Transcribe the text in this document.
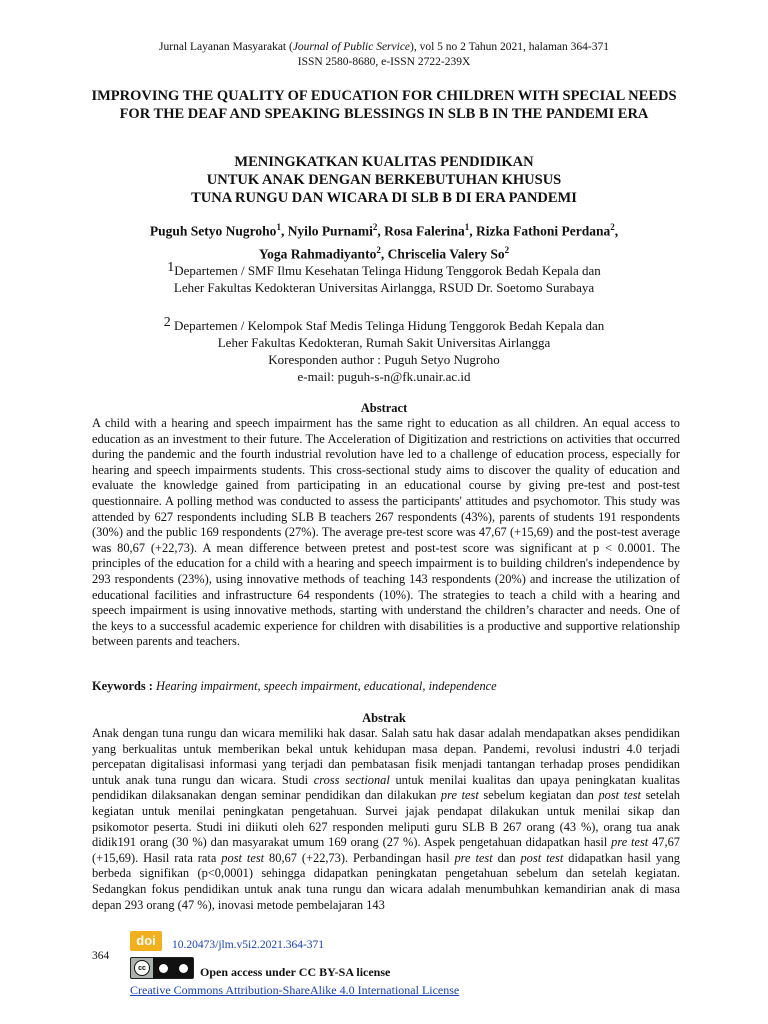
Jurnal Layanan Masyarakat (Journal of Public Service), vol 5 no 2 Tahun 2021, halaman 364-371
ISSN 2580-8680, e-ISSN 2722-239X
IMPROVING THE QUALITY OF EDUCATION FOR CHILDREN WITH SPECIAL NEEDS FOR THE DEAF AND SPEAKING BLESSINGS IN SLB B IN THE PANDEMI ERA
MENINGKATKAN KUALITAS PENDIDIKAN
UNTUK ANAK DENGAN BERKEBUTUHAN KHUSUS
TUNA RUNGU DAN WICARA DI SLB B DI ERA PANDEMI
Puguh Setyo Nugroho$^1$, Nyilo Purnami$^2$, Rosa Falerina$^1$, Rizka Fathoni Perdana$^2$,
Yoga Rahmadiyanto$^2$, Chriscelia Valery So$^2$
1Departemen / SMF Ilmu Kesehatan Telinga Hidung Tenggorok Bedah Kepala dan
Leher Fakultas Kedokteran Universitas Airlangga, RSUD Dr. Soetomo Surabaya
2 Departemen / Kelompok Staf Medis Telinga Hidung Tenggorok Bedah Kepala dan
Leher Fakultas Kedokteran, Rumah Sakit Universitas Airlangga
Koresponden author : Puguh Setyo Nugroho
e-mail: puguh-s-n@fk.unair.ac.id
Abstract
A child with a hearing and speech impairment has the same right to education as all children. An equal access to education as an investment to their future. The Acceleration of Digitization and restrictions on activities that occurred during the pandemic and the fourth industrial revolution have led to a challenge of education process, especially for hearing and speech impairments students. This cross-sectional study aims to discover the quality of education and evaluate the knowledge gained from participating in an educational course by giving pre-test and post-test questionnaire. A polling method was conducted to assess the participants' attitudes and psychomotor. This study was attended by 627 respondents including SLB B teachers 267 respondents (43%), parents of students 191 respondents (30%) and the public 169 respondents (27%). The average pre-test score was 47,67 (+15,69) and the post-test average was 80,67 (+22,73). A mean difference between pretest and post-test score was significant at p < 0.0001. The principles of the education for a child with a hearing and speech impairment is to building children's independence by 293 respondents (23%), using innovative methods of teaching 143 respondents (20%) and increase the utilization of educational facilities and infrastructure 64 respondents (10%). The strategies to teach a child with a hearing and speech impairment is using innovative methods, starting with understand the children’s character and needs. One of the keys to a successful academic experience for children with disabilities is a productive and supportive relationship between parents and teachers.
Keywords : Hearing impairment, speech impairment, educational, independence
Abstrak
Anak dengan tuna rungu dan wicara memiliki hak dasar. Salah satu hak dasar adalah mendapatkan akses pendidikan yang berkualitas untuk memberikan bekal untuk kehidupan masa depan. Pandemi, revolusi industri 4.0 terjadi percepatan digitalisasi informasi yang terjadi dan pembatasan fisik menjadi tantangan terhadap proses pendidikan untuk anak tuna rungu dan wicara. Studi cross sectional untuk menilai kualitas dan upaya peningkatan kualitas pendidikan dilaksanakan dengan seminar pendidikan dan dilakukan pre test sebelum kegiatan dan post test setelah kegiatan untuk menilai peningkatan pengetahuan. Survei jajak pendapat dilakukan untuk menilai sikap dan psikomotor peserta. Studi ini diikuti oleh 627 responden meliputi guru SLB B 267 orang (43 %), orang tua anak didik191 orang (30 %) dan masyarakat umum 169 orang (27 %). Aspek pengetahuan didapatkan hasil pre test 47,67 (+15,69). Hasil rata rata post test 80,67 (+22,73). Perbandingan hasil pre test dan post test didapatkan hasil yang berbeda signifikan (p<0,0001) sehingga didapatkan peningkatan pengetahuan sebelum dan setelah kegiatan. Sedangkan fokus pendidikan untuk anak tuna rungu dan wicara adalah menumbuhkan kemandirian anak di masa depan 293 orang (47 %), inovasi metode pembelajaran 143
364
doi	10.20473/jlm.v5i2.2021.364-371
cc	Open access under CC BY-SA license
Creative Commons Attribution-ShareAlike 4.0 International License
